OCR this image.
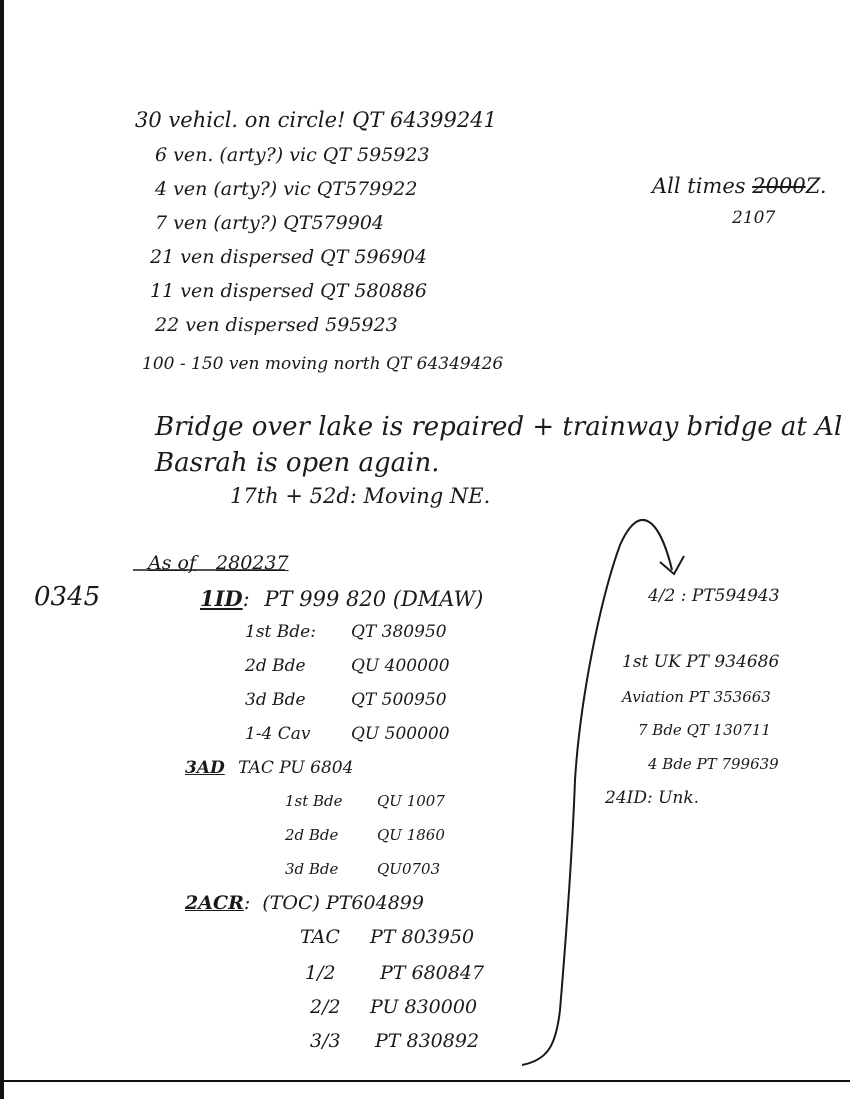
30 vehicl. on circle! QT 64399241
6 ven. (arty?) vic QT 595923
4 ven (arty?) vic QT579922
7 ven (arty?) QT579904
21 ven dispersed QT 596904
11 ven dispersed QT 580886
22 ven dispersed 595923
100 - 150 ven moving north QT 64349426
All times 2000Z.
2107
Bridge over lake is repaired + trainway bridge at Al
Basrah is open again.
17th + 52d: Moving NE.
As of 280237
0345	1ID: PT 999 820 (DMAW)
1st Bde: QT 380950
2d Bde	QU 400000
3d Bde	QT 500950
1-4 Cav QU 500000
3AD TAC PU 6804
1st Bde QU 1007
2d Bde	QU 1860
3d Bde	QU0703
2ACR: (TOC) PT604899
TAC PT 803950
1/2 PT 680847
2/2 PU 830000
3/3 PT 830892
4/2 : PT594943
1st UK PT 934686
Aviation PT 353663
7 Bde QT 130711
4 Bde PT 799639
24ID: Unk.
